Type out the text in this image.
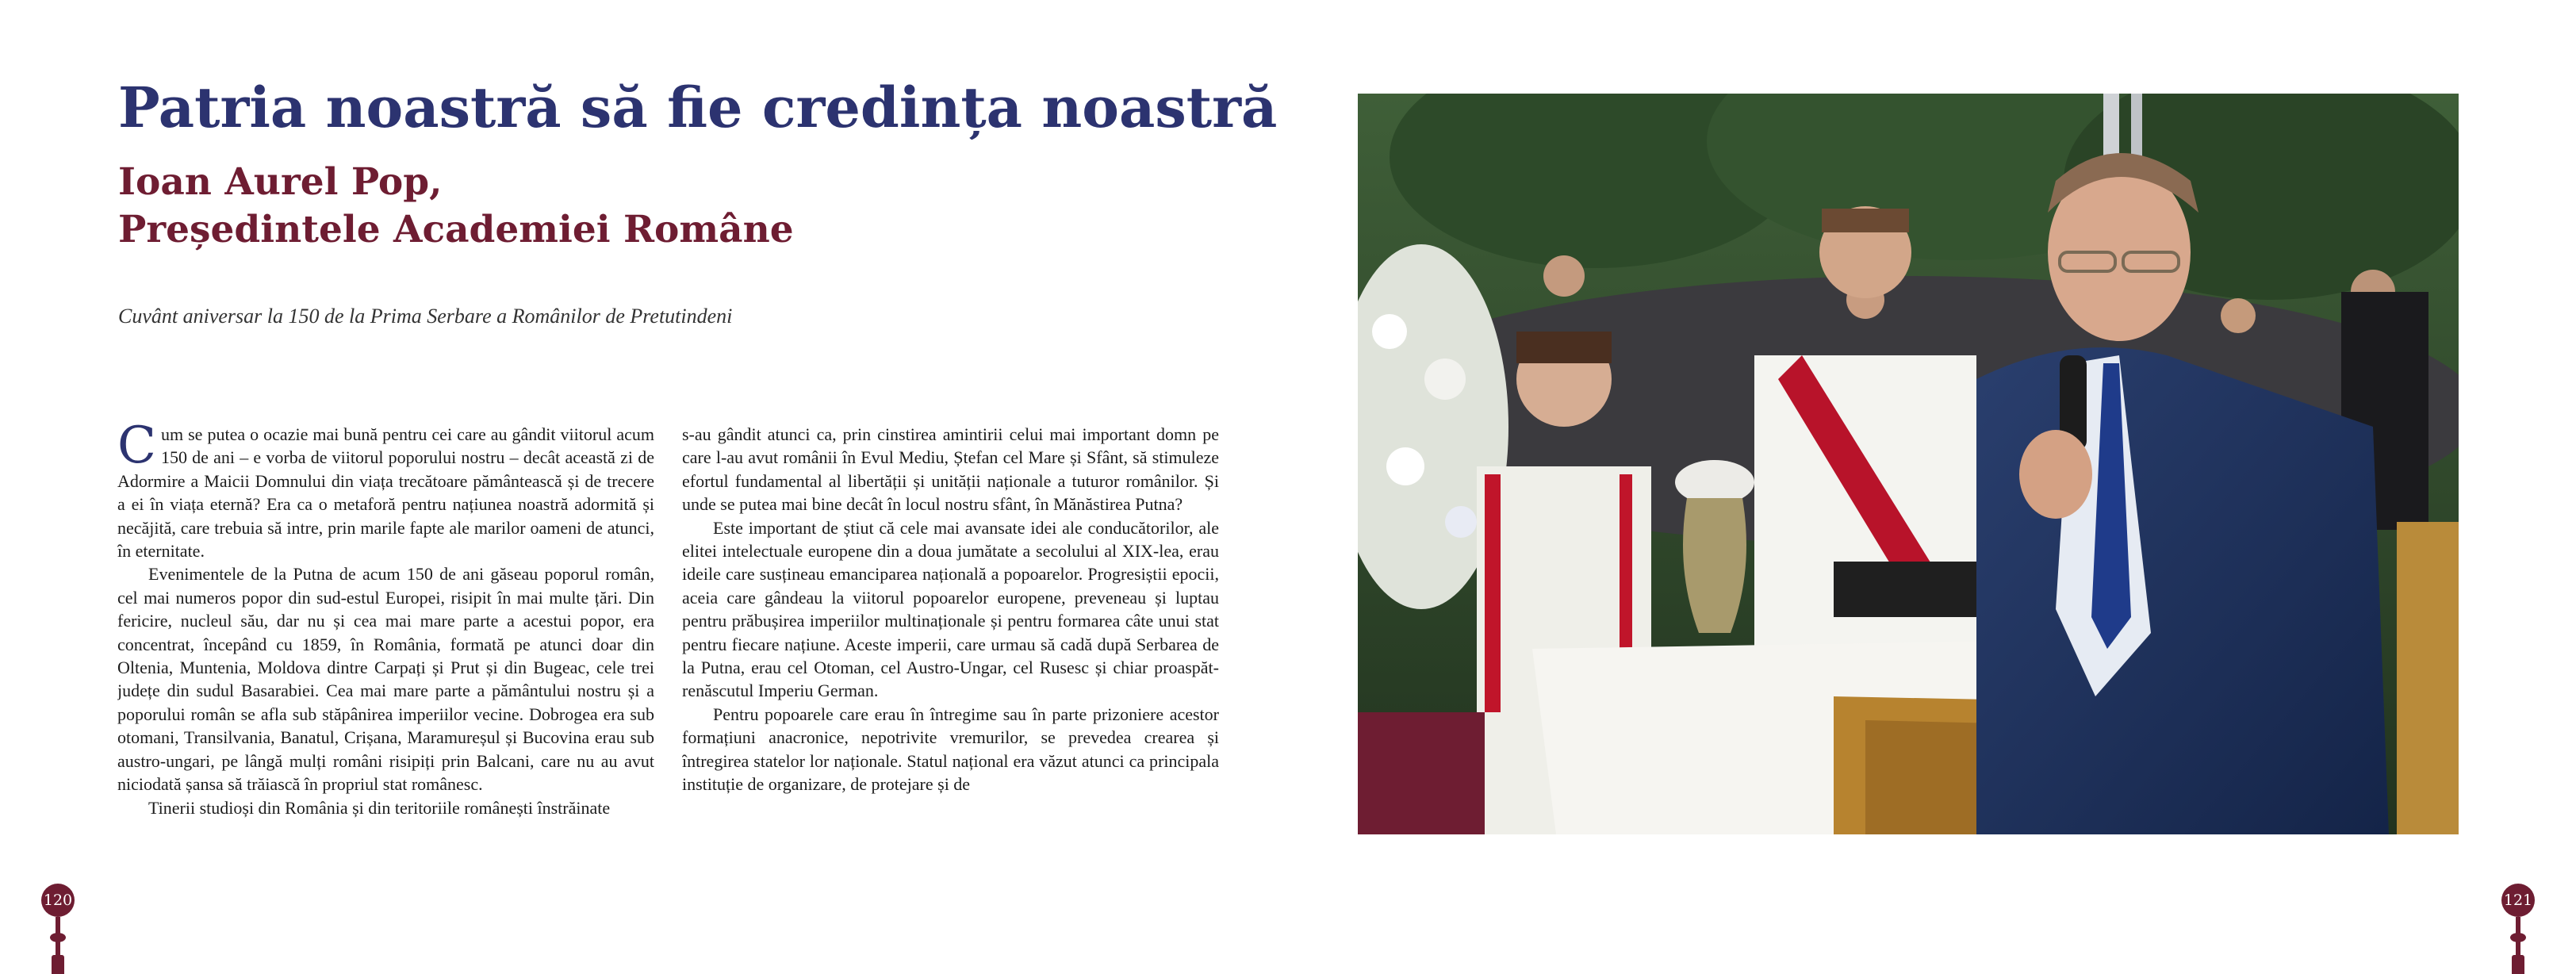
Patria noastră să fie credința noastră
Ioan Aurel Pop,
Președintele Academiei Române
Cuvânt aniversar la 150 de la Prima Serbare a Românilor de Pretutindeni

Cum se putea o ocazie mai bună pentru cei care au gândit viitorul acum 150 de ani – e vorba de viitorul poporului nostru – decât această zi de Adormire a Maicii Domnului din viața trecătoare pământească și de trecere a ei în viața eternă? Era ca o metaforă pentru națiunea noastră adormită și necăjită, care trebuia să intre, prin marile fapte ale marilor oameni de atunci, în eternitate.

Evenimentele de la Putna de acum 150 de ani găseau poporul român, cel mai numeros popor din sud-estul Europei, risipit în mai multe țări. Din fericire, nucleul său, dar nu și cea mai mare parte a acestui popor, era concentrat, începând cu 1859, în România, formată pe atunci doar din Oltenia, Muntenia, Moldova dintre Carpați și Prut și din Bugeac, cele trei județe din sudul Basarabiei. Cea mai mare parte a pământului nostru și a poporului român se afla sub stăpânirea imperiilor vecine. Dobrogea era sub otomani, Transilvania, Banatul, Crișana, Maramureșul și Bucovina erau sub austro-ungari, pe lângă mulți români risipiți prin Balcani, care nu au avut niciodată șansa să trăiască în propriul stat românesc.

Tinerii studioși din România și din teritoriile românești înstrăinate

s-au gândit atunci ca, prin cinstirea amintirii celui mai important domn pe care l-au avut românii în Evul Mediu, Ștefan cel Mare și Sfânt, să stimuleze efortul fundamental al libertății și unității naționale a tuturor românilor. Și unde se putea mai bine decât în locul nostru sfânt, în Mănăstirea Putna?

Este important de știut că cele mai avansate idei ale conducătorilor, ale elitei intelectuale europene din a doua jumătate a secolului al XIX-lea, erau ideile care susțineau emanciparea națională a popoarelor. Progresiștii epocii, aceia care gândeau la viitorul popoarelor europene, preveneau și luptau pentru prăbușirea imperiilor multinaționale și pentru formarea câte unui stat pentru fiecare națiune. Aceste imperii, care urmau să cadă după Serbarea de la Putna, erau cel Otoman, cel Austro-Ungar, cel Rusesc și chiar proaspăt-renăscutul Imperiu German.

Pentru popoarele care erau în întregime sau în parte prizoniere acestor formațiuni anacronice, nepotrivite vremurilor, se prevedea crearea și întregirea statelor lor naționale. Statul național era văzut atunci ca principala instituție de organizare, de protejare și de

120	121
